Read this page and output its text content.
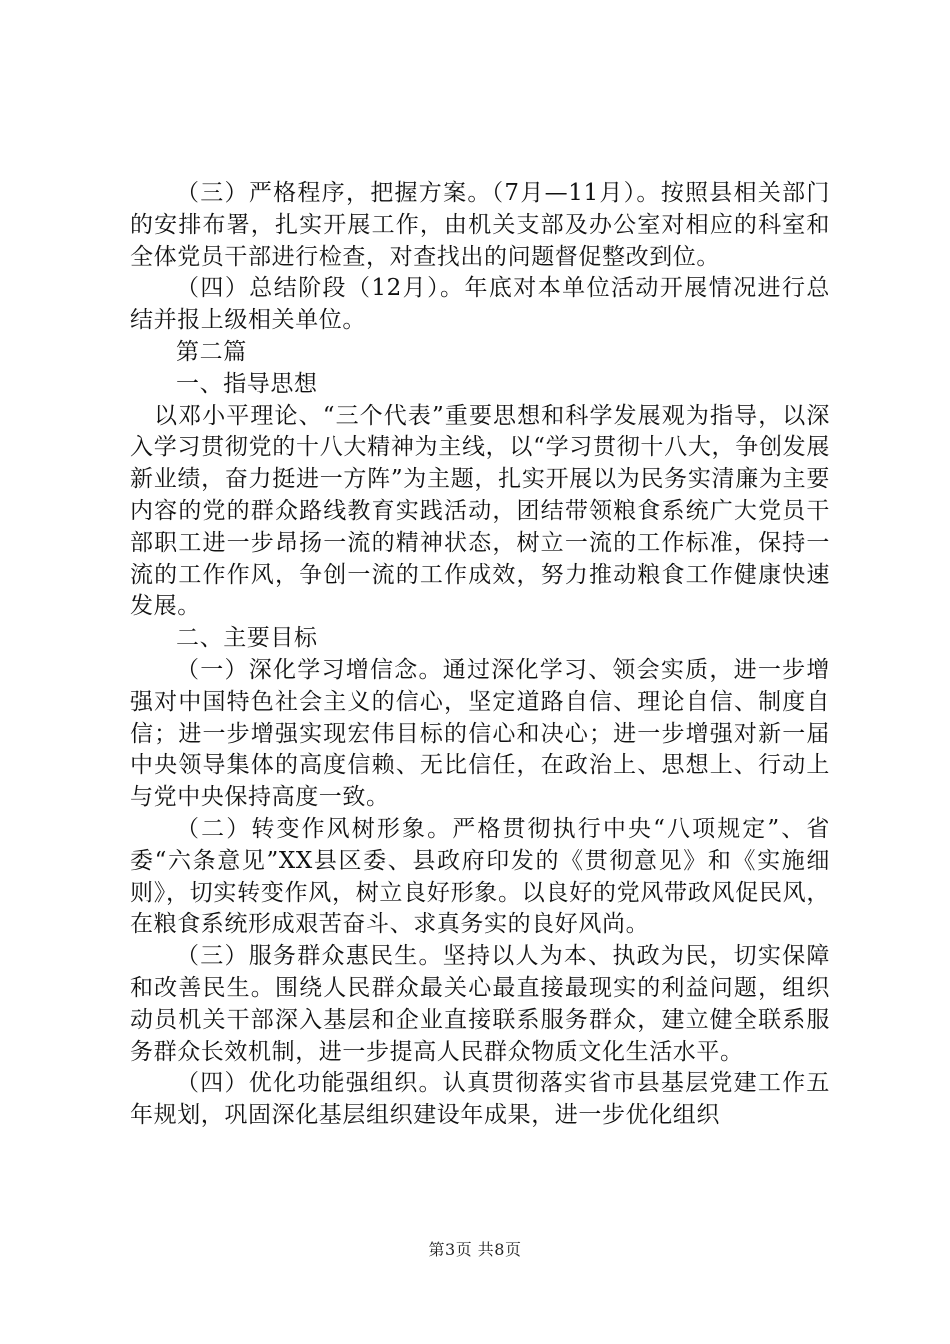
（三）严格程序，把握方案。（7月—11月）。按照县相关部门的安排布署，扎实开展工作，由机关支部及办公室对相应的科室和全体党员干部进行检查，对查找出的问题督促整改到位。

（四）总结阶段（12月）。年底对本单位活动开展情况进行总结并报上级相关单位。

第二篇

一、指导思想

以邓小平理论、“三个代表”重要思想和科学发展观为指导，以深入学习贯彻党的十八大精神为主线，以“学习贯彻十八大，争创发展新业绩，奋力挺进一方阵”为主题，扎实开展以为民务实清廉为主要内容的党的群众路线教育实践活动，团结带领粮食系统广大党员干部职工进一步昂扬一流的精神状态，树立一流的工作标准，保持一流的工作作风，争创一流的工作成效，努力推动粮食工作健康快速发展。

二、主要目标

（一）深化学习增信念。通过深化学习、领会实质，进一步增强对中国特色社会主义的信心，坚定道路自信、理论自信、制度自信；进一步增强实现宏伟目标的信心和决心；进一步增强对新一届中央领导集体的高度信赖、无比信任，在政治上、思想上、行动上与党中央保持高度一致。

（二）转变作风树形象。严格贯彻执行中央“八项规定”、省委“六条意见”XX县区委、县政府印发的《贯彻意见》和《实施细则》，切实转变作风，树立良好形象。以良好的党风带政风促民风，在粮食系统形成艰苦奋斗、求真务实的良好风尚。

（三）服务群众惠民生。坚持以人为本、执政为民，切实保障和改善民生。围绕人民群众最关心最直接最现实的利益问题，组织动员机关干部深入基层和企业直接联系服务群众，建立健全联系服务群众长效机制，进一步提高人民群众物质文化生活水平。

（四）优化功能强组织。认真贯彻落实省市县基层党建工作五年规划，巩固深化基层组织建设年成果，进一步优化组织

第3页 共8页
